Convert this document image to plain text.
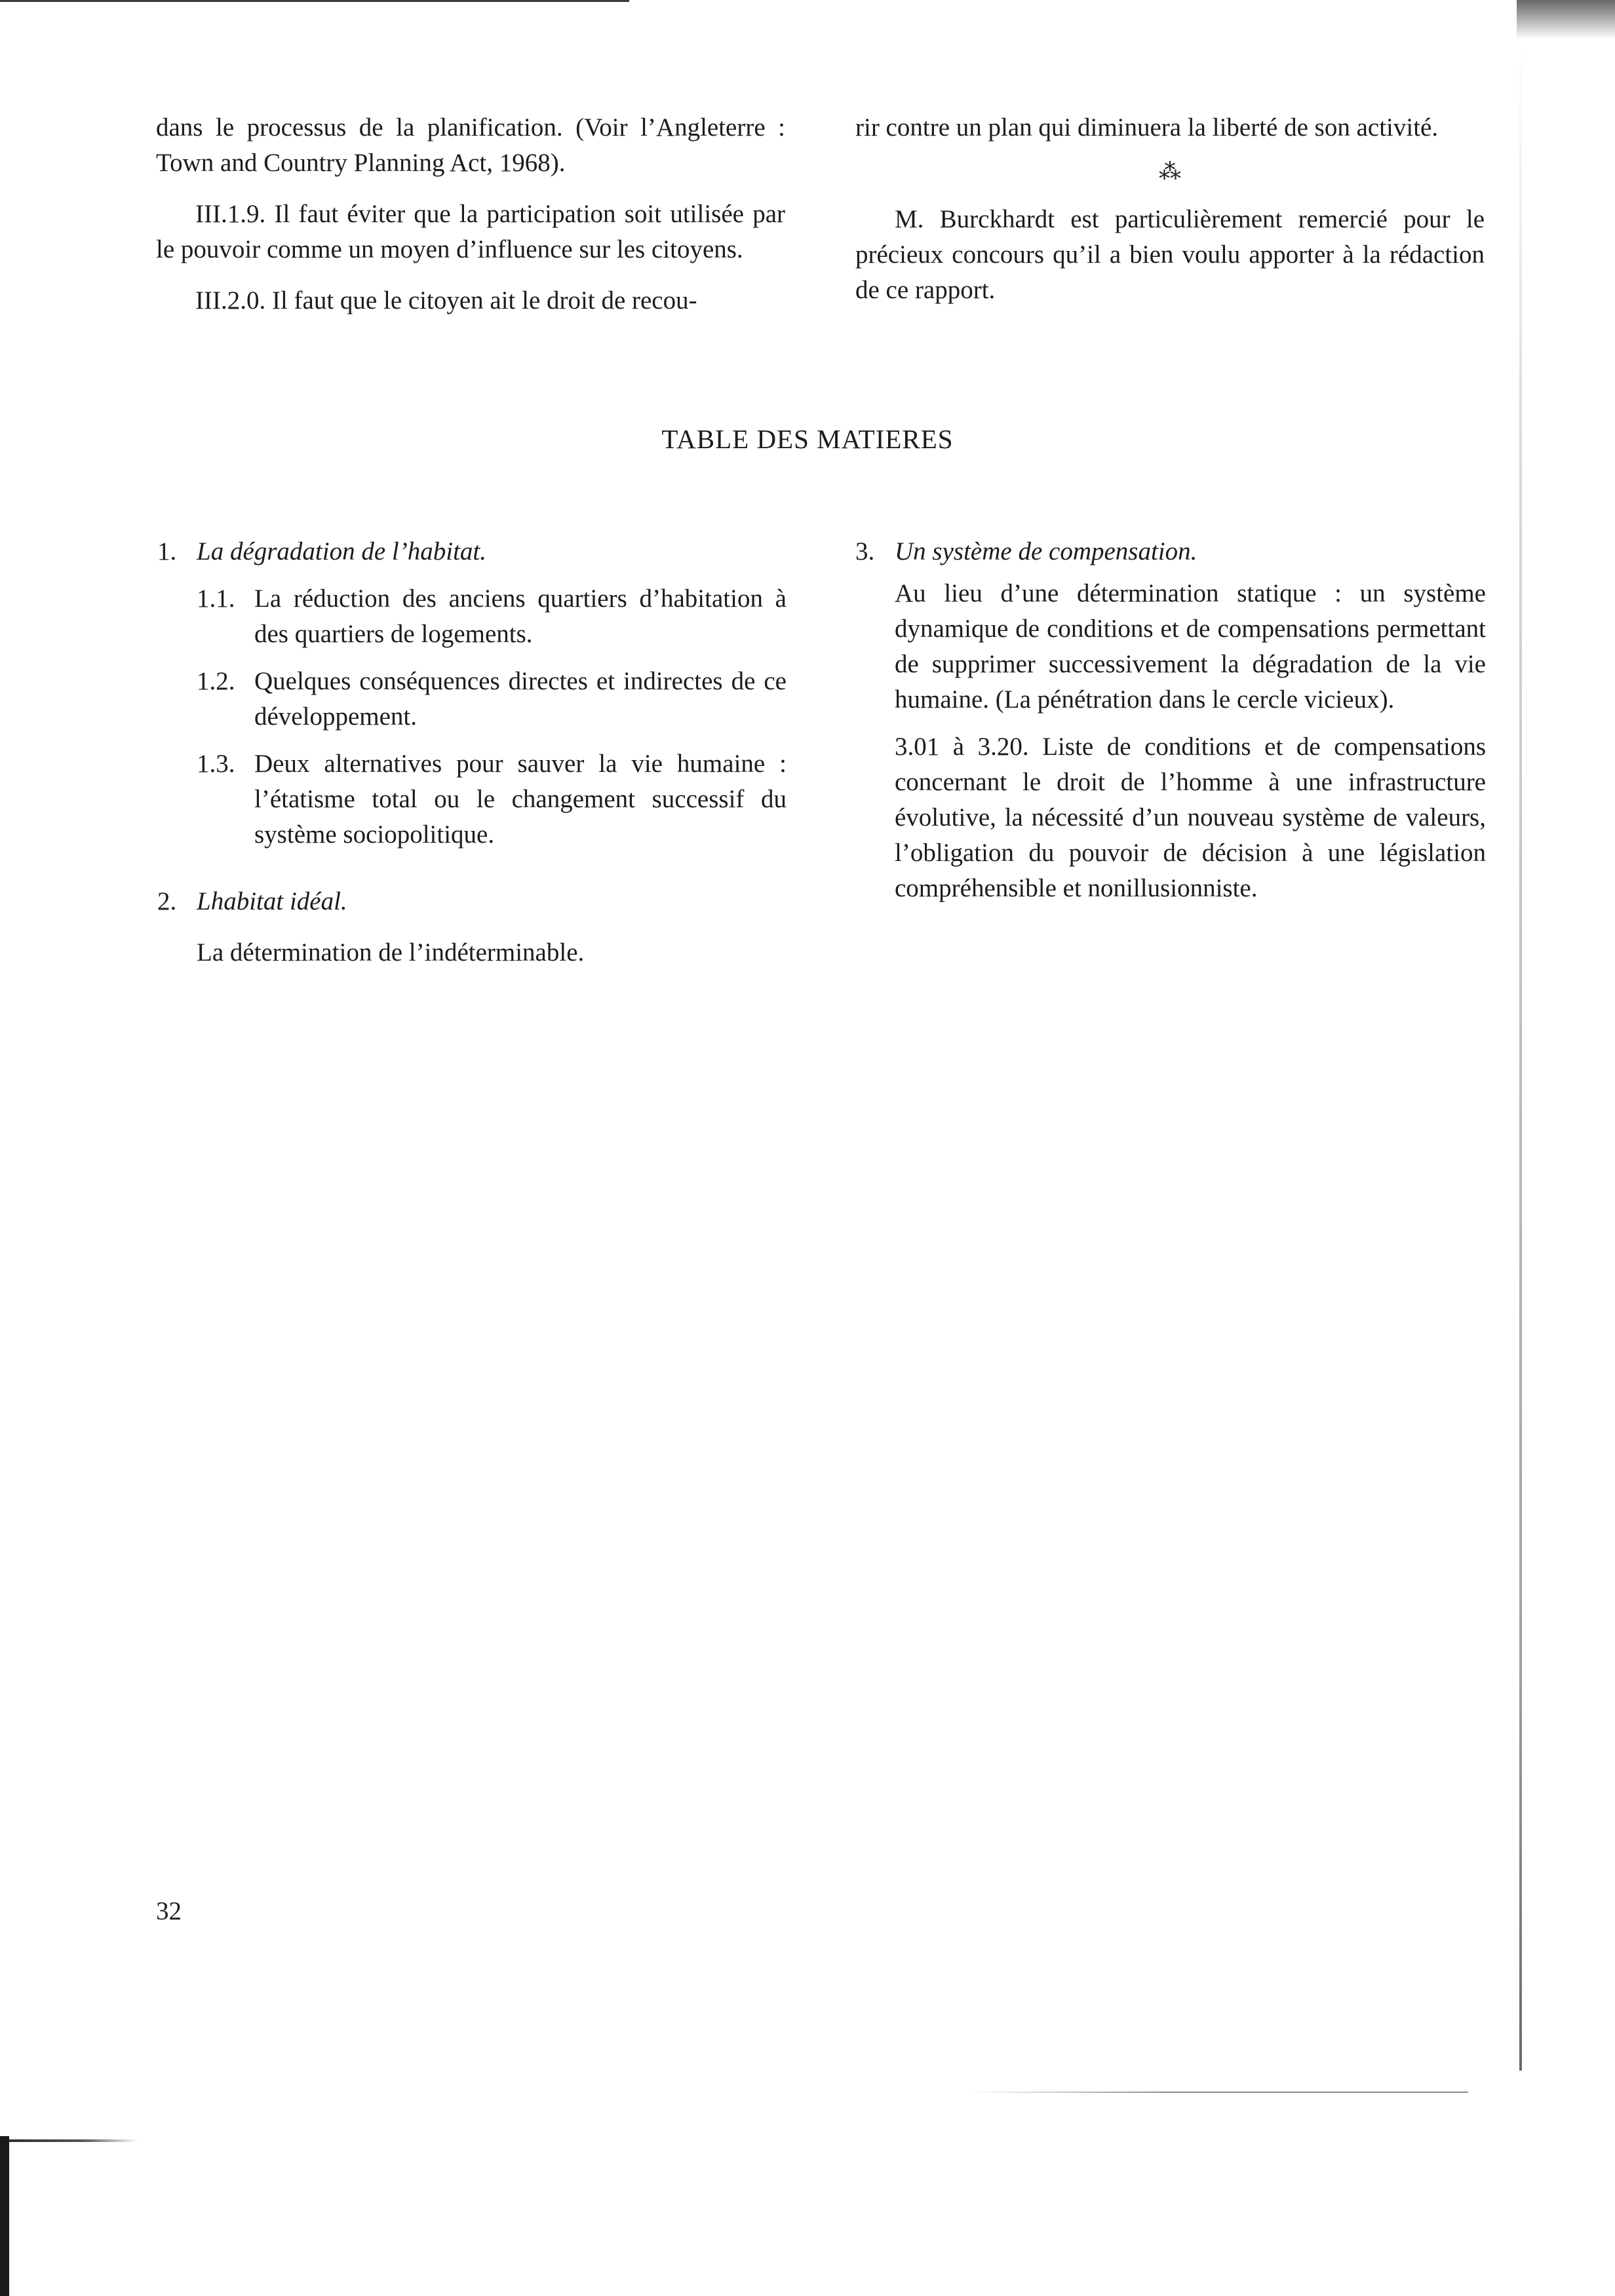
dans le processus de la planification. (Voir l’Angleterre : Town and Country Planning Act, 1968).

III.1.9. Il faut éviter que la participation soit utilisée par le pouvoir comme un moyen d’influence sur les citoyens.

III.2.0. Il faut que le citoyen ait le droit de recou-

rir contre un plan qui diminuera la liberté de son activité.

⁂

M. Burckhardt est particulièrement remercié pour le précieux concours qu’il a bien voulu apporter à la rédaction de ce rapport.

TABLE DES MATIERES
1. La dégradation de l’habitat.
1.1. La réduction des anciens quartiers d’habitation à des quartiers de logements.
1.2. Quelques conséquences directes et indirectes de ce développement.
1.3. Deux alternatives pour sauver la vie humaine : l’étatisme total ou le changement successif du système sociopolitique.
2. Lhabitat idéal.
La détermination de l’indéterminable.
3. Un système de compensation.
Au lieu d’une détermination statique : un système dynamique de conditions et de compensations permettant de supprimer successivement la dégradation de la vie humaine. (La pénétration dans le cercle vicieux).
3.01 à 3.20. Liste de conditions et de compensations concernant le droit de l’homme à une infrastructure évolutive, la nécessité d’un nouveau système de valeurs, l’obligation du pouvoir de décision à une législation compréhensible et nonillusionniste.
32
